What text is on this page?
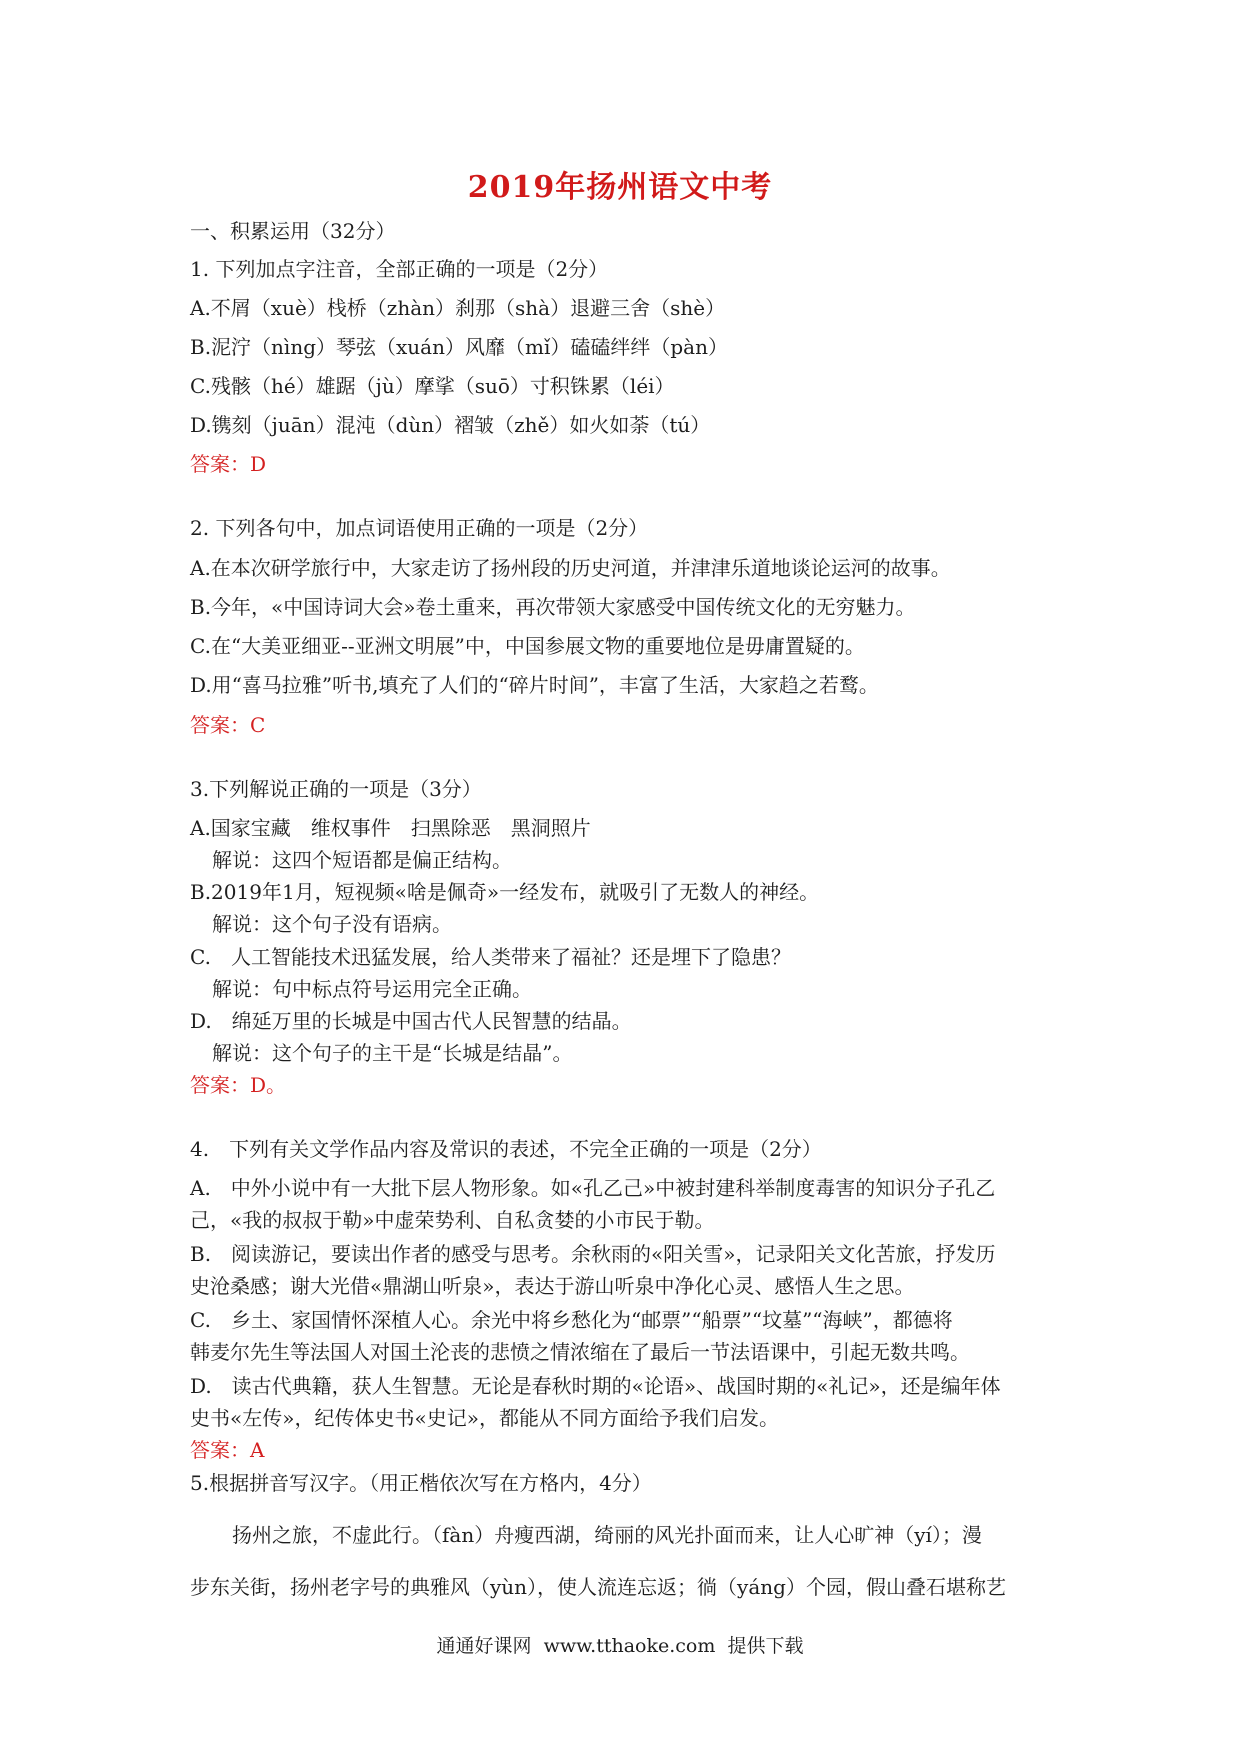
2019年扬州语文中考
一、积累运用（32分）
1. 下列加点字注音，全部正确的一项是（2分）
A.不屑（xuè）栈桥（zhàn）刹那（shà）退避三舍（shè）
B.泥泞（nìng）琴弦（xuán）风靡（mǐ）磕磕绊绊（pàn）
C.残骸（hé）雄踞（jù）摩挲（suō）寸积铢累（léi）
D.镌刻（juān）混沌（dùn）褶皱（zhě）如火如荼（tú）
答案：D
2. 下列各句中，加点词语使用正确的一项是（2分）
A.在本次研学旅行中，大家走访了扬州段的历史河道，并津津乐道地谈论运河的故事。
B.今年，«中国诗词大会»卷土重来，再次带领大家感受中国传统文化的无穷魅力。
C.在“大美亚细亚--亚洲文明展”中，中国参展文物的重要地位是毋庸置疑的。
D.用“喜马拉雅”听书,填充了人们的“碎片时间”，丰富了生活，大家趋之若鹜。
答案：C
3.下列解说正确的一项是（3分）
A.国家宝藏　维权事件　扫黑除恶　黑洞照片
解说：这四个短语都是偏正结构。
B.2019年1月，短视频«啥是佩奇»一经发布，就吸引了无数人的神经。
解说：这个句子没有语病。
C.　人工智能技术迅猛发展，给人类带来了福祉？还是埋下了隐患？
解说：句中标点符号运用完全正确。
D.　绵延万里的长城是中国古代人民智慧的结晶。
解说：这个句子的主干是“长城是结晶”。
答案：D。
4.　下列有关文学作品内容及常识的表述，不完全正确的一项是（2分）
A.　中外小说中有一大批下层人物形象。如«孔乙己»中被封建科举制度毒害的知识分子孔乙
己，«我的叔叔于勒»中虚荣势利、自私贪婪的小市民于勒。
B.　阅读游记，要读出作者的感受与思考。余秋雨的«阳关雪»，记录阳关文化苦旅，抒发历
史沧桑感；谢大光借«鼎湖山听泉»，表达于游山听泉中净化心灵、感悟人生之思。
C.　乡土、家国情怀深植人心。余光中将乡愁化为“邮票”“船票”“坟墓”“海峡”，都德将
韩麦尔先生等法国人对国土沦丧的悲愤之情浓缩在了最后一节法语课中，引起无数共鸣。
D.　读古代典籍，获人生智慧。无论是春秋时期的«论语»、战国时期的«礼记»，还是编年体
史书«左传»，纪传体史书«史记»，都能从不同方面给予我们启发。
答案：A
5.根据拼音写汉字。（用正楷依次写在方格内，4分）
扬州之旅，不虚此行。（fàn）舟瘦西湖，绮丽的风光扑面而来，让人心旷神（yí）；漫
步东关街，扬州老字号的典雅风（yùn），使人流连忘返；徜（yáng）个园，假山叠石堪称艺
通通好课网  www.tthaoke.com  提供下载
